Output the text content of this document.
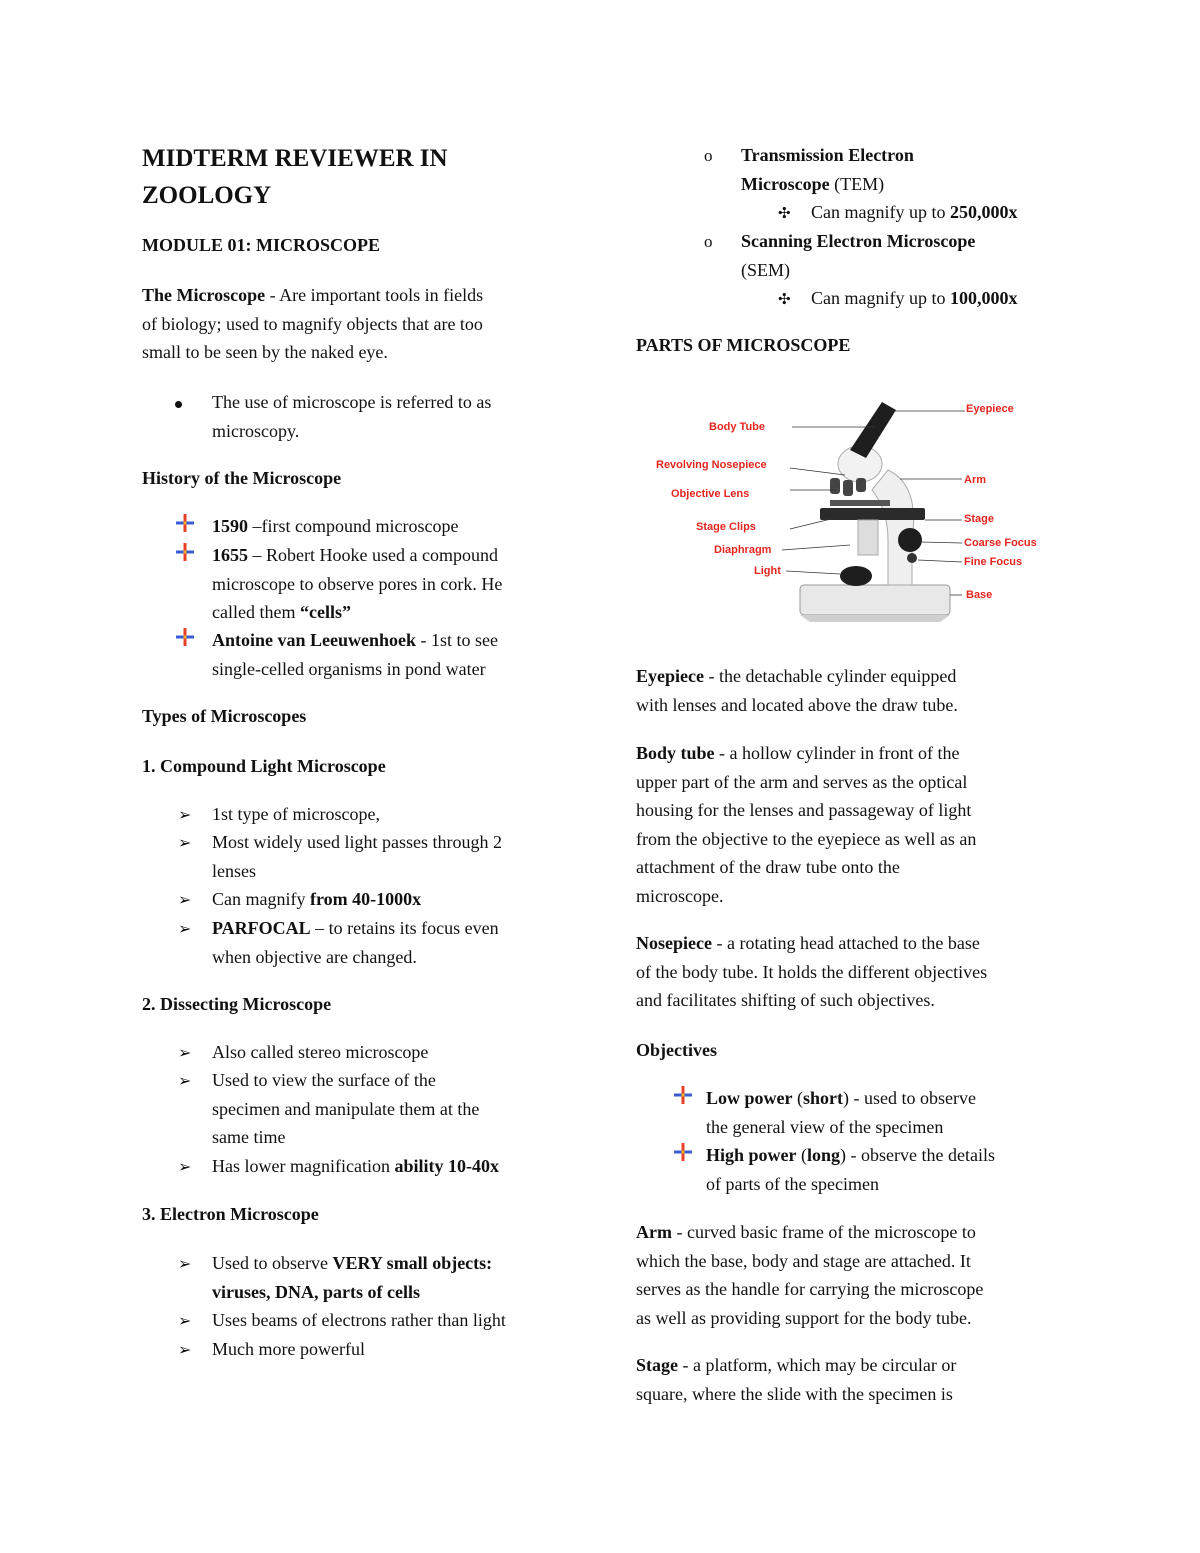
MIDTERM REVIEWER IN
ZOOLOGY

MODULE 01: MICROSCOPE

The Microscope - Are important tools in fields

of biology; used to magnify objects that are too

small to be seen by the naked eye.

The use of microscope is referred to as
microscopy.

History of the Microscope

1590 –first compound microscope
1655 – Robert Hooke used a compound
microscope to observe pores in cork. He
called them “cells”
Antoine van Leeuwenhoek - 1st to see
single-celled organisms in pond water

Types of Microscopes

1. Compound Light Microscope

➢	1st type of microscope,
➢	Most widely used light passes through 2
lenses
➢	Can magnify from 40-1000x
➢	PARFOCAL – to retains its focus even
when objective are changed.

2. Dissecting Microscope

➢	Also called stereo microscope
➢	Used to view the surface of the
specimen and manipulate them at the
same time
➢	Has lower magnification ability 10-40x

3. Electron Microscope

➢	Used to observe VERY small objects:
viruses, DNA, parts of cells
➢	Uses beams of electrons rather than light
➢	Much more powerful
o	Transmission Electron
Microscope (TEM)
✣	Can magnify up to 250,000x
o	Scanning Electron Microscope
(SEM)
✣	Can magnify up to 100,000x

PARTS OF MICROSCOPE

Eyepiece
Body Tube
Revolving Nosepiece
Objective Lens
Stage Clips
Diaphragm
Light
Arm
Stage
Coarse Focus
Fine Focus
Base

Eyepiece - the detachable cylinder equipped

with lenses and located above the draw tube.

Body tube - a hollow cylinder in front of the

upper part of the arm and serves as the optical

housing for the lenses and passageway of light

from the objective to the eyepiece as well as an

attachment of the draw tube onto the

microscope.

Nosepiece - a rotating head attached to the base

of the body tube. It holds the different objectives

and facilitates shifting of such objectives.

Objectives

Low power (short) - used to observe
the general view of the specimen
High power (long) - observe the details
of parts of the specimen

Arm - curved basic frame of the microscope to

which the base, body and stage are attached. It

serves as the handle for carrying the microscope

as well as providing support for the body tube.

Stage - a platform, which may be circular or

square, where the slide with the specimen is
